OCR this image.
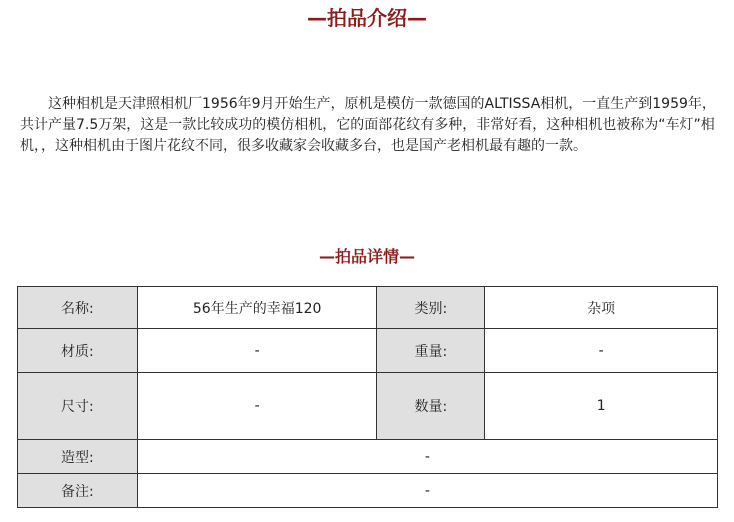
—拍品介绍—

这种相机是天津照相机厂1956年9月开始生产，原机是模仿一款德国的ALTISSA相机，一直生产到1959年，共计产量7.5万架，这是一款比较成功的模仿相机，它的面部花纹有多种，非常好看，这种相机也被称为“车灯”相机，，这种相机由于图片花纹不同，很多收藏家会收藏多台，也是国产老相机最有趣的一款。

—拍品详情—
名称:	56年生产的幸福120	类别:	杂项
材质:	-	重量:	-
尺寸:	-	数量:	1
造型:	-		
备注:	-		
